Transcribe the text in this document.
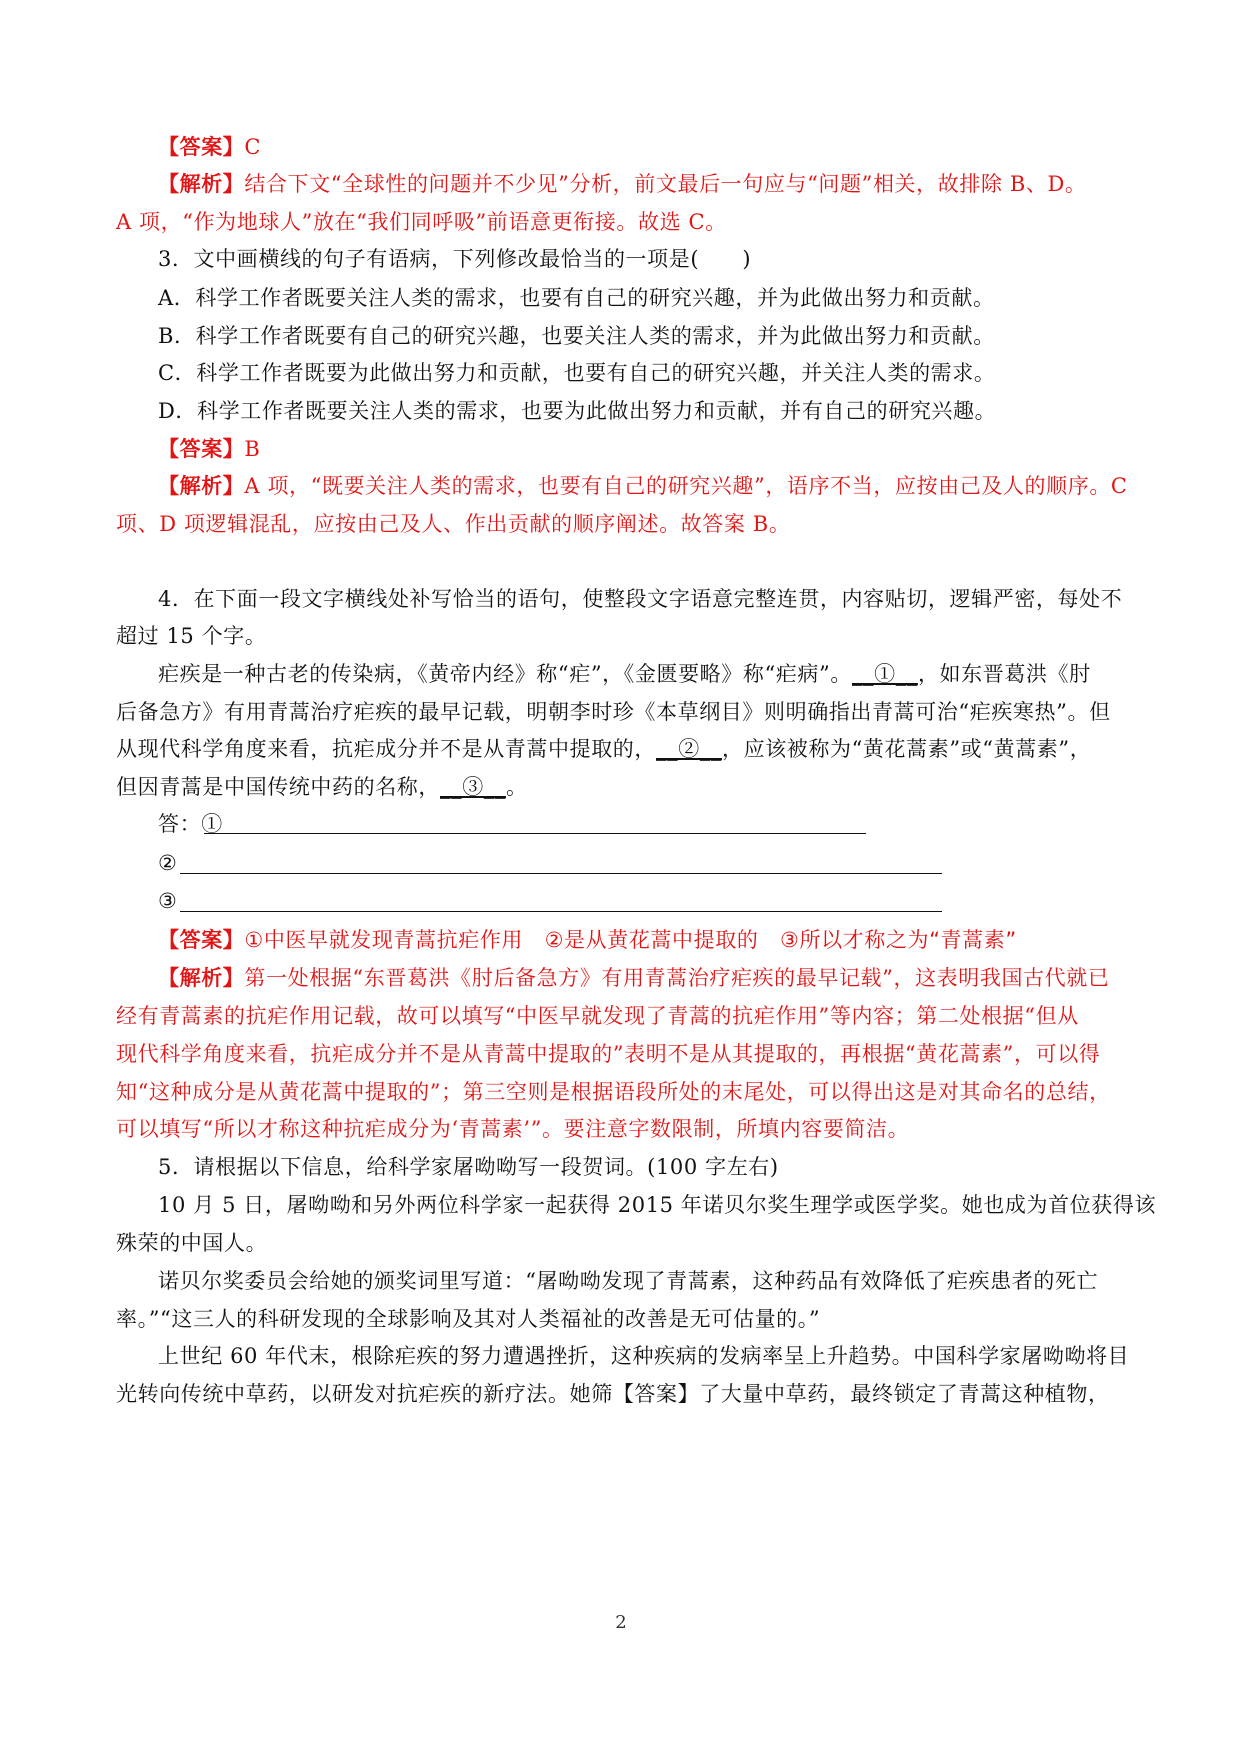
【答案】C
【解析】结合下文“全球性的问题并不少见”分析，前文最后一句应与“问题”相关，故排除 B、D。
A 项，“作为地球人”放在“我们同呼吸”前语意更衔接。故选 C。
3．文中画横线的句子有语病，下列修改最恰当的一项是(　　)
A．科学工作者既要关注人类的需求，也要有自己的研究兴趣，并为此做出努力和贡献。
B．科学工作者既要有自己的研究兴趣，也要关注人类的需求，并为此做出努力和贡献。
C．科学工作者既要为此做出努力和贡献，也要有自己的研究兴趣，并关注人类的需求。
D．科学工作者既要关注人类的需求，也要为此做出努力和贡献，并有自己的研究兴趣。
【答案】B
【解析】A 项，“既要关注人类的需求，也要有自己的研究兴趣”，语序不当，应按由己及人的顺序。C
项、D 项逻辑混乱，应按由己及人、作出贡献的顺序阐述。故答案 B。
4．在下面一段文字横线处补写恰当的语句，使整段文字语意完整连贯，内容贴切，逻辑严密，每处不
超过 15 个字。
疟疾是一种古老的传染病，《黄帝内经》称“疟”，《金匮要略》称“疟病”。__①__，如东晋葛洪《肘
后备急方》有用青蒿治疗疟疾的最早记载，明朝李时珍《本草纲目》则明确指出青蒿可治“疟疾寒热”。但
从现代科学角度来看，抗疟成分并不是从青蒿中提取的，__②__，应该被称为“黄花蒿素”或“黄蒿素”，
但因青蒿是中国传统中药的名称，__③__。
答：①
②
③
【答案】①中医早就发现青蒿抗疟作用　②是从黄花蒿中提取的　③所以才称之为“青蒿素”
【解析】第一处根据“东晋葛洪《肘后备急方》有用青蒿治疗疟疾的最早记载”，这表明我国古代就已
经有青蒿素的抗疟作用记载，故可以填写“中医早就发现了青蒿的抗疟作用”等内容；第二处根据“但从
现代科学角度来看，抗疟成分并不是从青蒿中提取的”表明不是从其提取的，再根据“黄花蒿素”，可以得
知“这种成分是从黄花蒿中提取的”；第三空则是根据语段所处的末尾处，可以得出这是对其命名的总结，
可以填写“所以才称这种抗疟成分为‘青蒿素’”。要注意字数限制，所填内容要简洁。
5．请根据以下信息，给科学家屠呦呦写一段贺词。(100 字左右)
10 月 5 日，屠呦呦和另外两位科学家一起获得 2015 年诺贝尔奖生理学或医学奖。她也成为首位获得该
殊荣的中国人。
诺贝尔奖委员会给她的颁奖词里写道：“屠呦呦发现了青蒿素，这种药品有效降低了疟疾患者的死亡
率。”“这三人的科研发现的全球影响及其对人类福祉的改善是无可估量的。”
上世纪 60 年代末，根除疟疾的努力遭遇挫折，这种疾病的发病率呈上升趋势。中国科学家屠呦呦将目
光转向传统中草药，以研发对抗疟疾的新疗法。她筛【答案】了大量中草药，最终锁定了青蒿这种植物，
2
